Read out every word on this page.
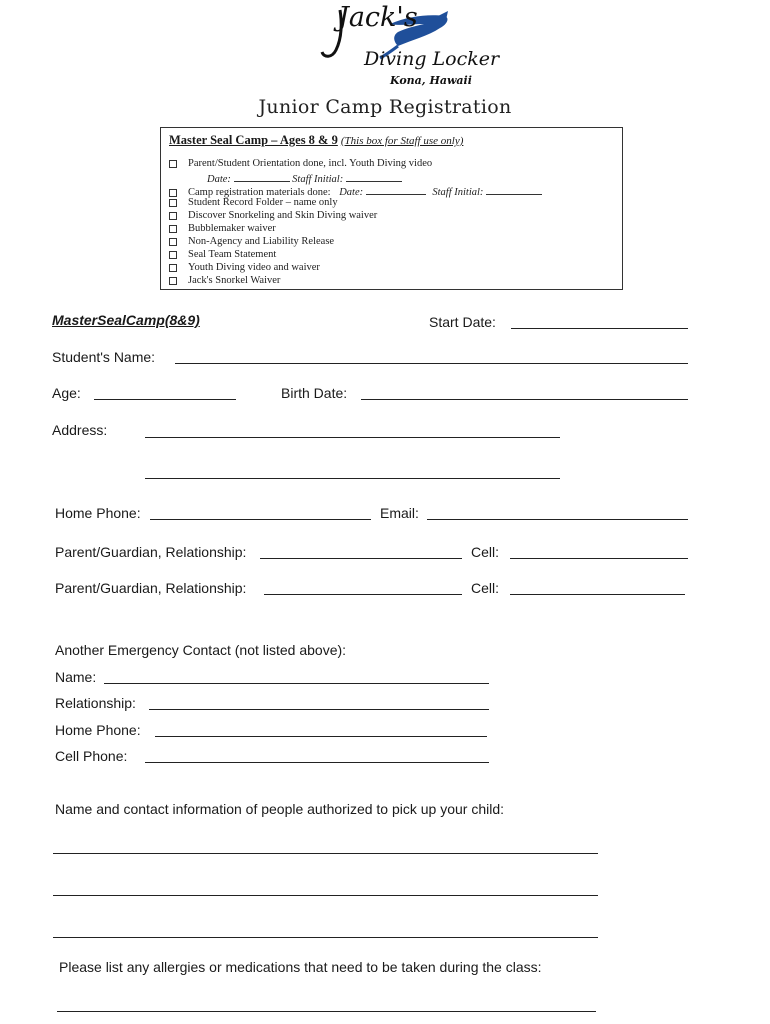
Jack's
Diving Locker
Kona, Hawaii
Junior Camp Registration
Master Seal Camp – Ages 8 & 9 (This box for Staff use only)
Parent/Student Orientation done, incl. Youth Diving video
Date:	Staff Initial:
Camp registration materials done: Date:	Staff Initial:
Student Record Folder – name only
Discover Snorkeling and Skin Diving waiver
Bubblemaker waiver
Non-Agency and Liability Release
Seal Team Statement
Youth Diving video and waiver
Jack's Snorkel Waiver
MasterSealCamp(8&9)	Start Date:
Student's Name:
Age:	Birth Date:
Address:
Home Phone:	Email:
Parent/Guardian, Relationship:	Cell:
Parent/Guardian, Relationship:	Cell:
Another Emergency Contact (not listed above):
Name:
Relationship:
Home Phone:
Cell Phone:
Name and contact information of people authorized to pick up your child:
Please list any allergies or medications that need to be taken during the class:
